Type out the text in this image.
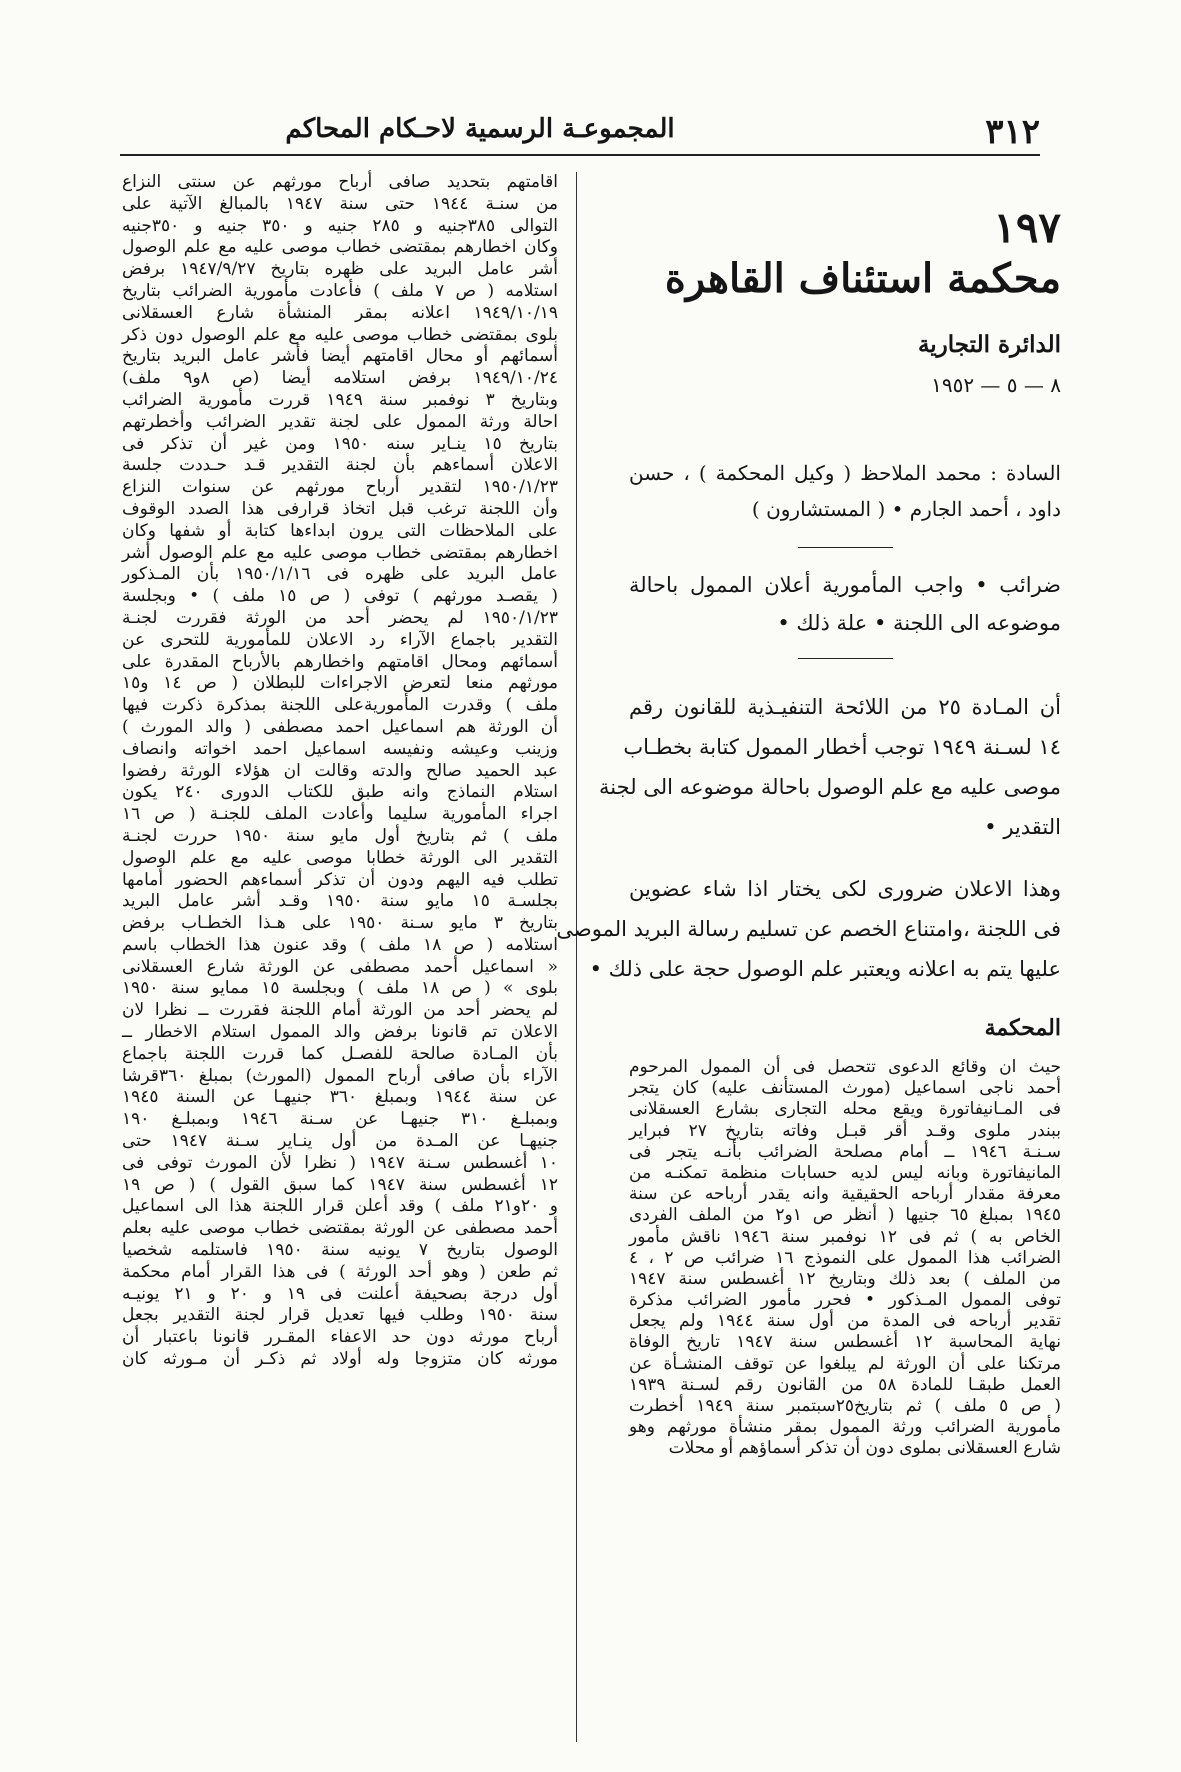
٣١٢
المجموعـة الرسمية لاحـكام المحاكم
١٩٧
محكمة استئناف القاهرة
الدائرة التجارية
٨ — ٥ — ١٩٥٢
السادة : محمد الملاحظ ( وكيل المحكمة ) ، حسن
داود ، أحمد الجارم • ( المستشارون )
ضرائب • واجب المأمورية أعلان الممول باحالة
موضوعه الى اللجنة • علة ذلك •
أن المـادة ٢٥ من اللائحة التنفيـذية للقانون رقم
١٤ لسـنة ١٩٤٩ توجب أخطار الممول كتابة بخطـاب
موصى عليه مع علم الوصول باحالة موضوعه الى لجنة
التقدير •
وهذا الاعلان ضرورى لكى يختار اذا شاء عضوين
فى اللجنة ،وامتناع الخصم عن تسليم رسالة البريد الموصى
عليها يتم به اعلانه ويعتبر علم الوصول حجة على ذلك •
المحكمة
حيث ان وقائع الدعوى تتحصل فى أن الممول المرحوم
أحمد ناجى اسماعيل (مورث المستأنف عليه) كان يتجر
فى المـانيفاتورة ويقع محله التجارى بشارع العسقلانى
ببندر ملوى وقـد أقر قبـل وفاته بتاريخ ٢٧ فبراير
سـنـة ١٩٤٦ ــ أمام مصلحة الضرائب بأنـه يتجر فى
المانيفاتورة وبانه ليس لديه حسابات منظمة تمكنـه من
معرفة مقدار أرباحه الحقيقية وانه يقدر أرباحه عن سنة
١٩٤٥ بمبلغ ٦٥ جنيها ( أنظر ص ١و٢ من الملف الفردى
الخاص به ) ثم فى ١٢ نوفمبر سنة ١٩٤٦ ناقش مأمور
الضرائب هذا الممول على النموذج ١٦ ضرائب ص ٢ ، ٤
من الملف ) بعد ذلك وبتاريخ ١٢ أغسطس سنة ١٩٤٧
توفى الممول المـذكور • فحرر مأمور الضرائب مذكرة
تقدير أرباحه فى المدة من أول سنة ١٩٤٤ ولم يجعل
نهاية المحاسبة ١٢ أغسطس سنة ١٩٤٧ تاريخ الوفاة
مرتكنا على أن الورثة لم يبلغوا عن توقف المنشـأة عن
العمل طبقـا للمادة ٥٨ من القانون رقم لسـنة ١٩٣٩
( ص ٥ ملف ) ثم بتاريخ٢٥سبتمبر سنة ١٩٤٩ أخطرت
مأمورية الضرائب ورثة الممول بمقر منشأة مورثهم وهو
شارع العسقلانى بملوى دون أن تذكر أسماؤهم أو محلات
اقامتهم بتحديد صافى أرباح مورثهم عن سنتى النزاع
من سنـة ١٩٤٤ حتى سنة ١٩٤٧ بالمبالغ الآتية على
التوالى ٣٨٥جنيه و ٢٨٥ جنيه و ٣٥٠ جنيه و ٣٥٠جنيه
وكان اخطارهم بمقتضى خطاب موصى عليه مع علم الوصول
أشر عامل البريد على ظهره بتاريخ ١٩٤٧/٩/٢٧ برفض
استلامه ( ص ٧ ملف ) فأعادت مأمورية الضرائب بتاريخ
١٩٤٩/١٠/١٩ اعلانه بمقر المنشأة شارع العسقلانى
بلوى بمقتضى خطاب موصى عليه مع علم الوصول دون ذكر
أسمائهم أو محال اقامتهم أيضا فأشر عامل البريد بتاريخ
١٩٤٩/١٠/٢٤ برفض استلامه أيضا (ص ٨و٩ ملف)
وبتاريخ ٣ نوفمبر سنة ١٩٤٩ قررت مأمورية الضرائب
احالة ورثة الممول على لجنة تقدير الضرائب وأخطرتهم
بتاريخ ١٥ ينـاير سنه ١٩٥٠ ومن غير أن تذكر فى
الاعلان أسماءهم بأن لجنة التقدير قـد حـددت جلسة
١٩٥٠/١/٢٣ لتقدير أرباح مورثهم عن سنوات النزاع
وأن اللجنة ترغب قبل اتخاذ قرارفى هذا الصدد الوقوف
على الملاحظات التى يرون ابداءها كتابة أو شفها وكان
اخطارهم بمقتضى خطاب موصى عليه مع علم الوصول أشر
عامل البريد على ظهره فى ١٩٥٠/١/١٦ بأن المـذكور
( يقصـد مورثهم ) توفى ( ص ١٥ ملف ) • وبجلسة
١٩٥٠/١/٢٣ لم يحضر أحد من الورثة فقررت لجنـة
التقدير باجماع الآراء رد الاعلان للمأمورية للتحرى عن
أسمائهم ومحال اقامتهم واخطارهم بالأرباح المقدرة على
مورثهم منعا لتعرض الاجراءات للبطلان ( ص ١٤ و١٥
ملف ) وقدرت المأموريةعلى اللجنة بمذكرة ذكرت فيها
أن الورثة هم اسماعيل احمد مصطفى ( والد المورث )
وزينب وعيشه ونفيسه اسماعيل احمد اخواته وانصاف
عبد الحميد صالح والدته وقالت ان هؤلاء الورثة رفضوا
استلام النماذج وانه طبق للكتاب الدورى ٢٤٠ يكون
اجراء المأمورية سليما وأعادت الملف للجنـة ( ص ١٦
ملف ) ثم بتاريخ أول مايو سنة ١٩٥٠ حررت لجنـة
التقدير الى الورثة خطابا موصى عليه مع علم الوصول
تطلب فيه اليهم ودون أن تذكر أسماءهم الحضور أمامها
بجلسـة ١٥ مايو سنة ١٩٥٠ وقـد أشر عامل البريد
بتاريخ ٣ مايو سـنة ١٩٥٠ على هـذا الخطـاب برفض
استلامه ( ص ١٨ ملف ) وقد عنون هذا الخطاب باسم
« اسماعيل أحمد مصطفى عن الورثة شارع العسقلانى
بلوى » ( ص ١٨ ملف ) وبجلسة ١٥ ممايو سنة ١٩٥٠
لم يحضر أحد من الورثة أمام اللجنة فقررت ــ نظرا لان
الاعلان تم قانونا برفض والد الممول استلام الاخطار ــ
بأن المـادة صالحة للفصـل كما قررت اللجنة باجماع
الآراء بأن صافى أرباح الممول (المورث) بمبلغ ٣٦٠قرشا
عن سنة ١٩٤٤ وبمبلغ ٣٦٠ جنيهـا عن السنة ١٩٤٥
وبمبلـغ ٣١٠ جنيهـا عن سـنة ١٩٤٦ وبمبلـغ ١٩٠
جنيهـا عن المـدة من أول ينـاير سـنة ١٩٤٧ حتى
١٠ أغسطس سـنة ١٩٤٧ ( نظرا لأن المورث توفى فى
١٢ أغسطس سنة ١٩٤٧ كما سبق القول ) ( ص ١٩
و ٢٠و٢١ ملف ) وقد أعلن قرار اللجنة هذا الى اسماعيل
أحمد مصطفى عن الورثة بمقتضى خطاب موصى عليه بعلم
الوصول بتاريخ ٧ يونيه سنة ١٩٥٠ فاستلمه شخصيا
ثم طعن ( وهو أحد الورثة ) فى هذا القرار أمام محكمة
أول درجة بصحيفة أعلنت فى ١٩ و ٢٠ و ٢١ يونيـه
سنة ١٩٥٠ وطلب فيها تعديل قرار لجنة التقدير بجعل
أرباح مورثه دون حد الاعفاء المقـرر قانونا باعتبار أن
مورثه كان متزوجا وله أولاد ثم ذكـر أن مـورثه كان
